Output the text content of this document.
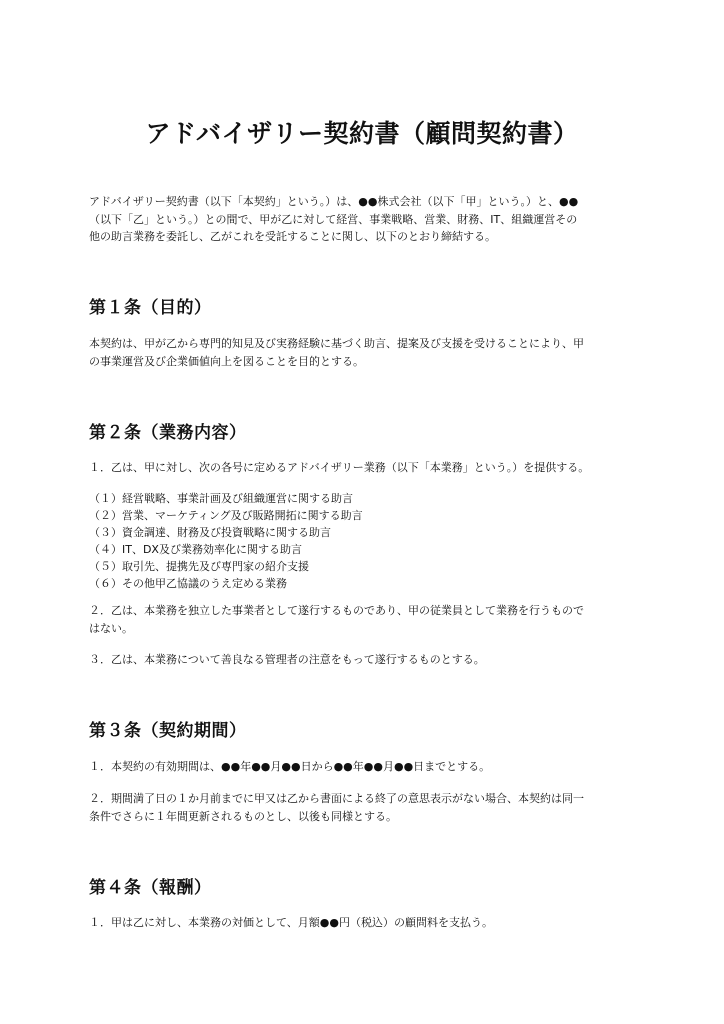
アドバイザリー契約書（顧問契約書）

アドバイザリー契約書（以下「本契約」という。）は、●●株式会社（以下「甲」という。）と、●●
（以下「乙」という。）との間で、甲が乙に対して経営、事業戦略、営業、財務、IT、組織運営その
他の助言業務を委託し、乙がこれを受託することに関し、以下のとおり締結する。

第１条（目的）

本契約は、甲が乙から専門的知見及び実務経験に基づく助言、提案及び支援を受けることにより、甲
の事業運営及び企業価値向上を図ることを目的とする。

第２条（業務内容）

１．乙は、甲に対し、次の各号に定めるアドバイザリー業務（以下「本業務」という。）を提供する。

（１）経営戦略、事業計画及び組織運営に関する助言
（２）営業、マーケティング及び販路開拓に関する助言
（３）資金調達、財務及び投資戦略に関する助言
（４）IT、DX及び業務効率化に関する助言
（５）取引先、提携先及び専門家の紹介支援
（６）その他甲乙協議のうえ定める業務

２．乙は、本業務を独立した事業者として遂行するものであり、甲の従業員として業務を行うもので
はない。

３．乙は、本業務について善良なる管理者の注意をもって遂行するものとする。

第３条（契約期間）

１．本契約の有効期間は、●●年●●月●●日から●●年●●月●●日までとする。

２．期間満了日の１か月前までに甲又は乙から書面による終了の意思表示がない場合、本契約は同一
条件でさらに１年間更新されるものとし、以後も同様とする。

第４条（報酬）

１．甲は乙に対し、本業務の対価として、月額●●円（税込）の顧問料を支払う。
